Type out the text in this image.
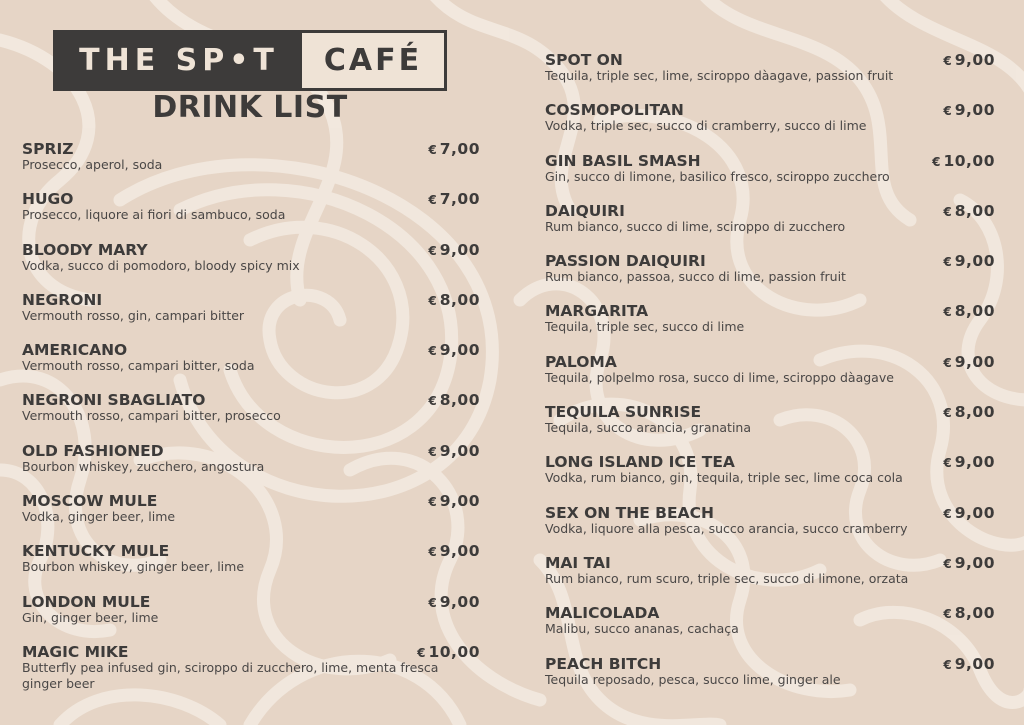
THE SP•T	CAFÉ
DRINK LIST
SPRIZ
Prosecco, aperol, soda
€ 7,00
HUGO
Prosecco, liquore ai fiori di sambuco, soda
€ 7,00
BLOODY MARY
Vodka, succo di pomodoro, bloody spicy mix
€ 9,00
NEGRONI
Vermouth rosso, gin, campari bitter
€ 8,00
AMERICANO
Vermouth rosso, campari bitter, soda
€ 9,00
NEGRONI SBAGLIATO
Vermouth rosso, campari bitter, prosecco
€ 8,00
OLD FASHIONED
Bourbon whiskey, zucchero, angostura
€ 9,00
MOSCOW MULE
Vodka, ginger beer, lime
€ 9,00
KENTUCKY MULE
Bourbon whiskey, ginger beer, lime
€ 9,00
LONDON MULE
Gin, ginger beer, lime
€ 9,00
MAGIC MIKE
Butterfly pea infused gin, sciroppo di zucchero, lime, menta fresca ginger beer
€ 10,00
SPOT ON
Tequila, triple sec, lime, sciroppo dàagave, passion fruit
€ 9,00
COSMOPOLITAN
Vodka, triple sec, succo di cramberry, succo di lime
€ 9,00
GIN BASIL SMASH
Gin, succo di limone, basilico fresco, sciroppo zucchero
€ 10,00
DAIQUIRI
Rum bianco, succo di lime, sciroppo di zucchero
€ 8,00
PASSION DAIQUIRI
Rum bianco, passoa, succo di lime, passion fruit
€ 9,00
MARGARITA
Tequila, triple sec, succo di lime
€ 8,00
PALOMA
Tequila, polpelmo rosa, succo di lime, sciroppo dàagave
€ 9,00
TEQUILA SUNRISE
Tequila, succo arancia, granatina
€ 8,00
LONG ISLAND ICE TEA
Vodka, rum bianco, gin, tequila, triple sec, lime coca cola
€ 9,00
SEX ON THE BEACH
Vodka, liquore alla pesca, succo arancia, succo cramberry
€ 9,00
MAI TAI
Rum bianco, rum scuro, triple sec, succo di limone, orzata
€ 9,00
MALICOLADA
Malibu, succo ananas, cachaça
€ 8,00
PEACH BITCH
Tequila reposado, pesca, succo lime, ginger ale
€ 9,00
